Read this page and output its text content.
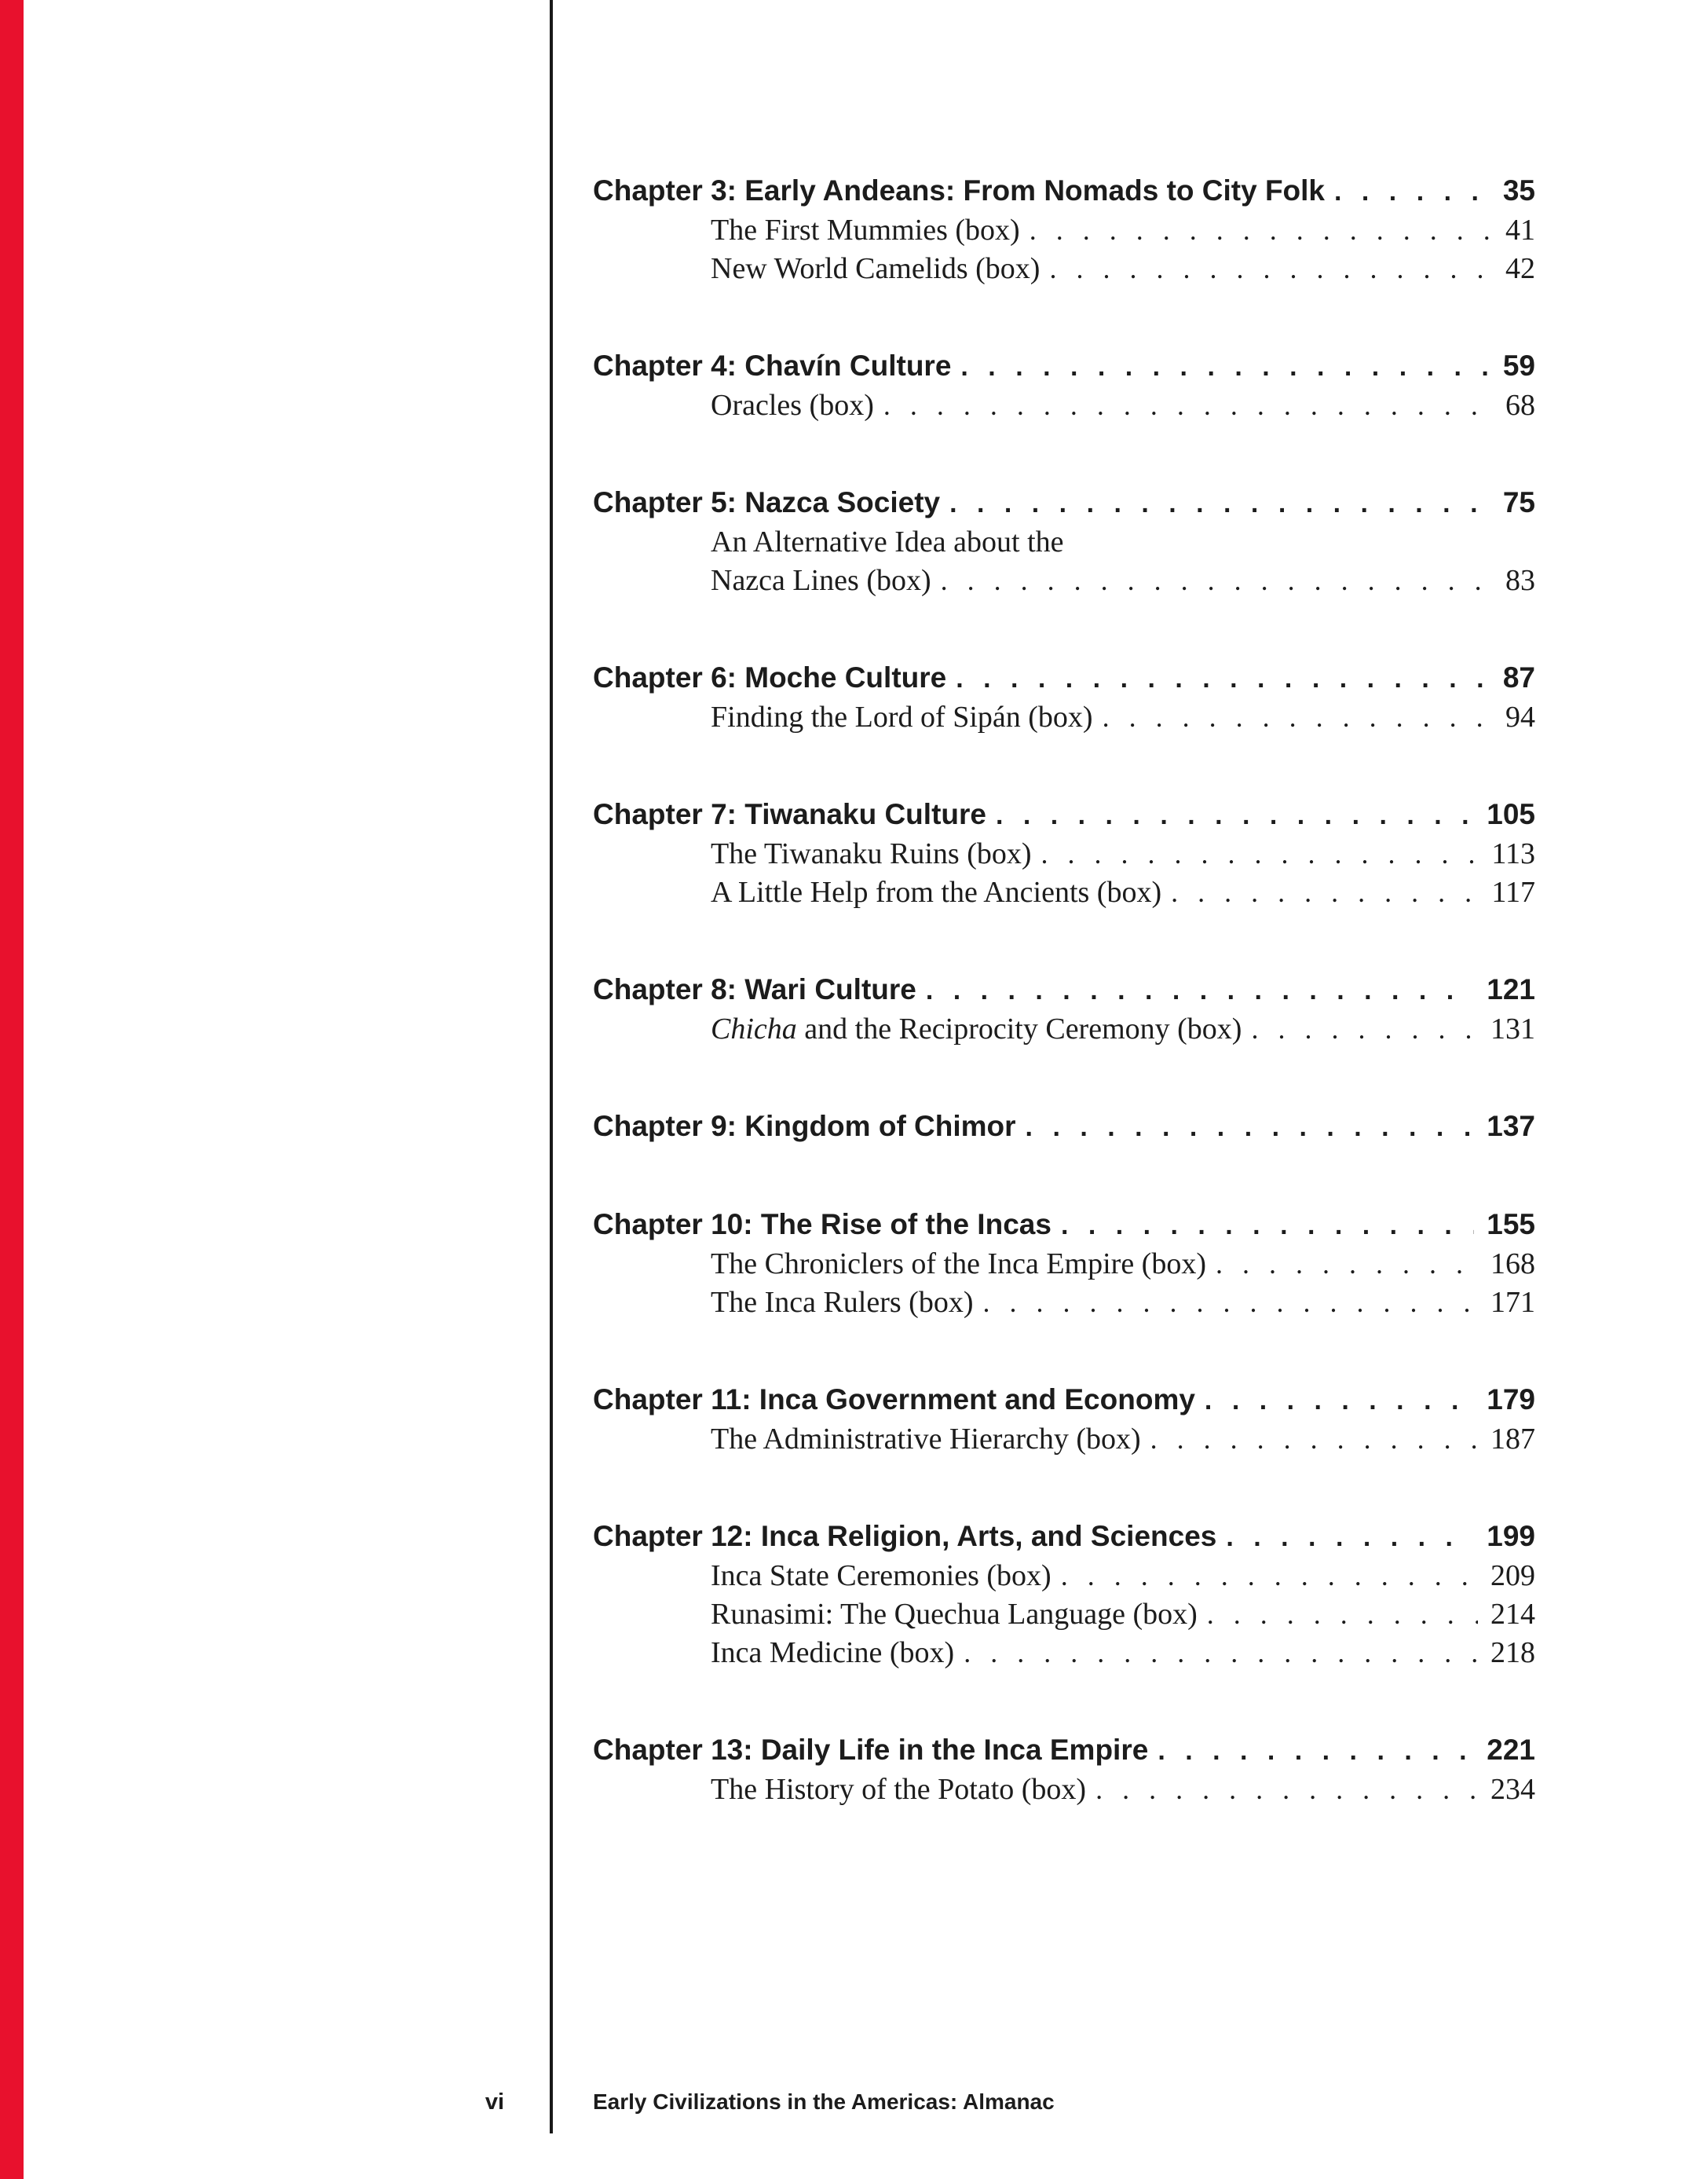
Chapter 3: Early Andeans: From Nomads to City Folk . . .	35
The First Mummies (box) . . .	41
New World Camelids (box) . . .	42
Chapter 4: Chavín Culture . . .	59
Oracles (box) . . .	68
Chapter 5: Nazca Society . . .	75
An Alternative Idea about the
Nazca Lines (box) . . .	83
Chapter 6: Moche Culture . . .	87
Finding the Lord of Sipán (box) . . .	94
Chapter 7: Tiwanaku Culture . . .	105
The Tiwanaku Ruins (box) . . .	113
A Little Help from the Ancients (box) . . .	117
Chapter 8: Wari Culture . . .	121
Chicha and the Reciprocity Ceremony (box) . . .	131
Chapter 9: Kingdom of Chimor . . .	137
Chapter 10: The Rise of the Incas . . .	155
The Chroniclers of the Inca Empire (box) . . .	168
The Inca Rulers (box) . . .	171
Chapter 11: Inca Government and Economy . . .	179
The Administrative Hierarchy (box) . . .	187
Chapter 12: Inca Religion, Arts, and Sciences . . .	199
Inca State Ceremonies (box) . . .	209
Runasimi: The Quechua Language (box) . . .	214
Inca Medicine (box) . . .	218
Chapter 13: Daily Life in the Inca Empire . . .	221
The History of the Potato (box) . . .	234
vi	Early Civilizations in the Americas: Almanac
